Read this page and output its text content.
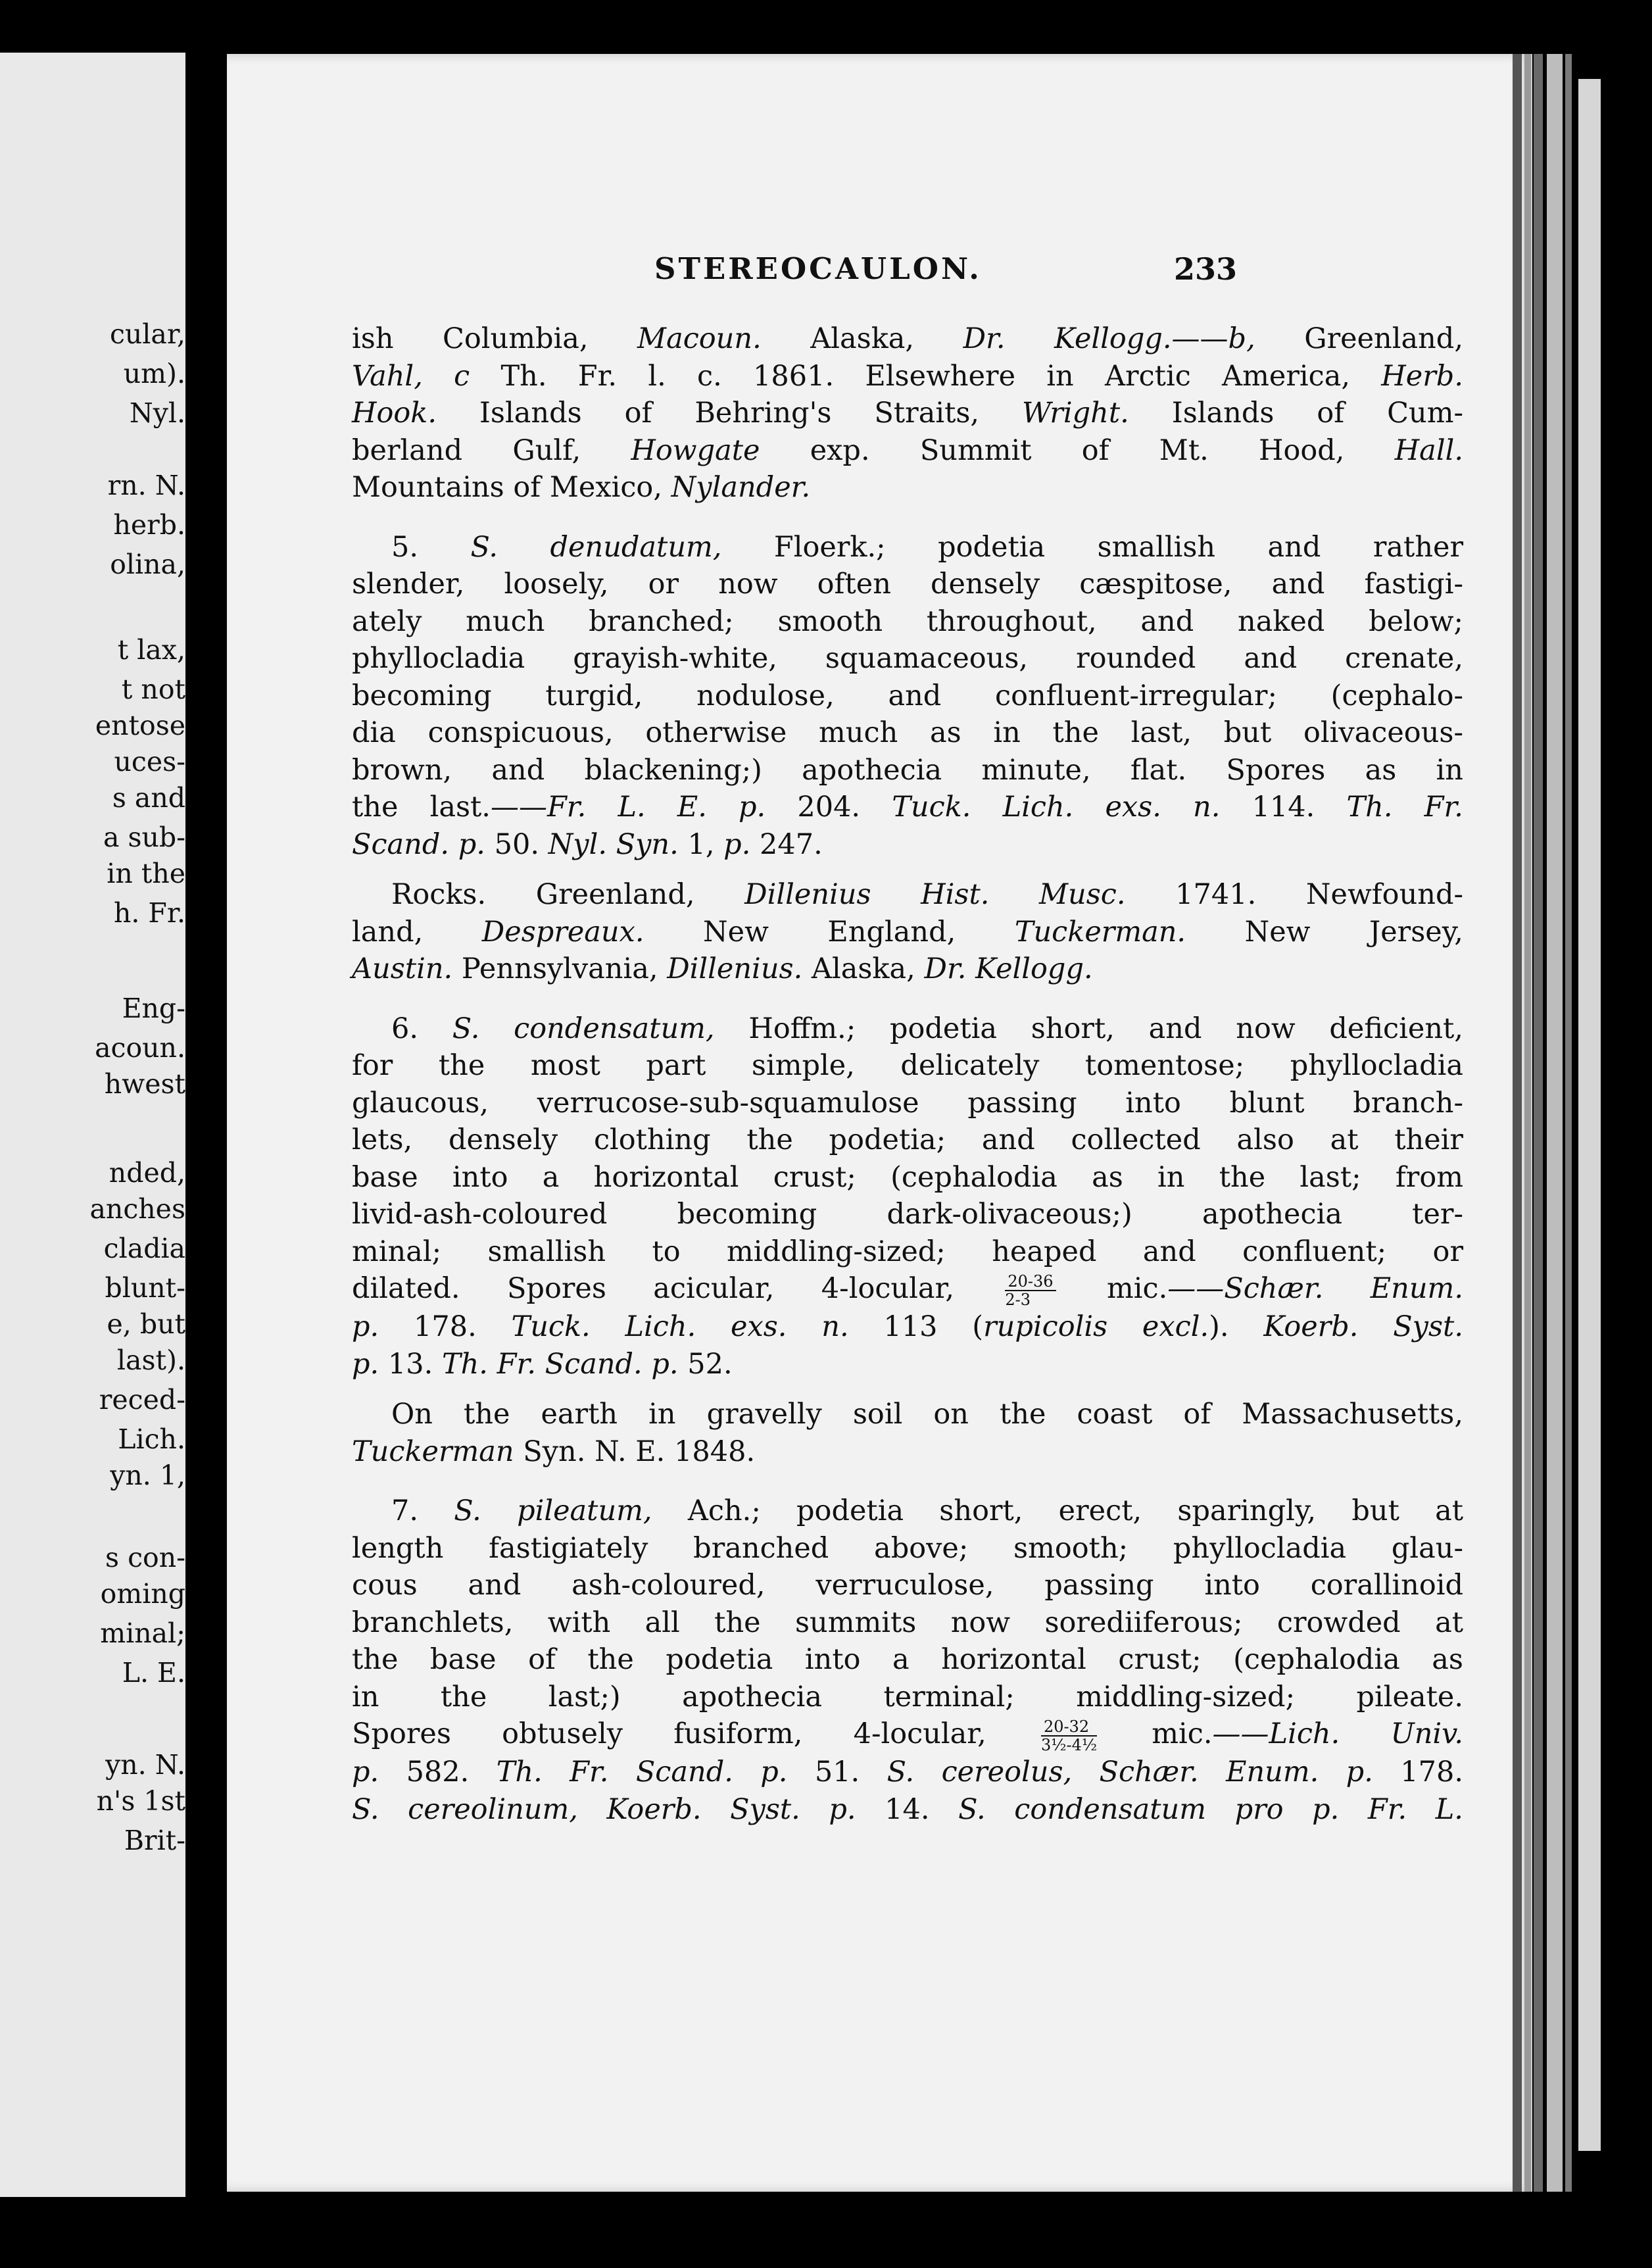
cular,
um).
Nyl.
rn. N.
herb.
olina,
t lax,
t not
entose
uces-
s and
a sub-
in the
h. Fr.
Eng-
acoun.
hwest
nded,
anches
cladia
blunt-
e, but
last).
reced-
Lich.
yn. 1,
s con-
oming
minal;
L. E.
yn. N.
n's 1st
Brit-
STEREOCAULON.	233

ish Columbia, Macoun. Alaska, Dr. Kellogg.——b, Greenland,

Vahl, c Th. Fr. l. c. 1861. Elsewhere in Arctic America, Herb.

Hook. Islands of Behring's Straits, Wright. Islands of Cum-

berland Gulf, Howgate exp. Summit of Mt. Hood, Hall.

Mountains of Mexico, Nylander.

5. S. denudatum, Floerk.; podetia smallish and rather

slender, loosely, or now often densely cæspitose, and fastigi-

ately much branched; smooth throughout, and naked below;

phyllocladia grayish-white, squamaceous, rounded and crenate,

becoming turgid, nodulose, and confluent-irregular; (cephalo-

dia conspicuous, otherwise much as in the last, but olivaceous-

brown, and blackening;) apothecia minute, flat. Spores as in

the last.——Fr. L. E. p. 204. Tuck. Lich. exs. n. 114. Th. Fr.

Scand. p. 50. Nyl. Syn. 1, p. 247.

Rocks. Greenland, Dillenius Hist. Musc. 1741. Newfound-

land, Despreaux. New England, Tuckerman. New Jersey,

Austin. Pennsylvania, Dillenius. Alaska, Dr. Kellogg.

6. S. condensatum, Hoffm.; podetia short, and now deficient,

for the most part simple, delicately tomentose; phyllocladia

glaucous, verrucose-sub-squamulose passing into blunt branch-

lets, densely clothing the podetia; and collected also at their

base into a horizontal crust; (cephalodia as in the last; from

livid-ash-coloured becoming dark-olivaceous;) apothecia ter-

minal; smallish to middling-sized; heaped and confluent; or

dilated. Spores acicular, 4-locular, $\frac{20-36}{2-3}$ mic.——Schær. Enum.

p. 178. Tuck. Lich. exs. n. 113 (rupicolis excl.). Koerb. Syst.

p. 13. Th. Fr. Scand. p. 52.

On the earth in gravelly soil on the coast of Massachusetts,

Tuckerman Syn. N. E. 1848.

7. S. pileatum, Ach.; podetia short, erect, sparingly, but at

length fastigiately branched above; smooth; phyllocladia glau-

cous and ash-coloured, verruculose, passing into corallinoid

branchlets, with all the summits now sorediiferous; crowded at

the base of the podetia into a horizontal crust; (cephalodia as

in the last;) apothecia terminal; middling-sized; pileate.

Spores obtusely fusiform, 4-locular, $\frac{20-32}{\text{3½-4½}}$ mic.——Lich. Univ.

p. 582. Th. Fr. Scand. p. 51. S. cereolus, Schær. Enum. p. 178.

S. cereolinum, Koerb. Syst. p. 14. S. condensatum pro p. Fr. L.
